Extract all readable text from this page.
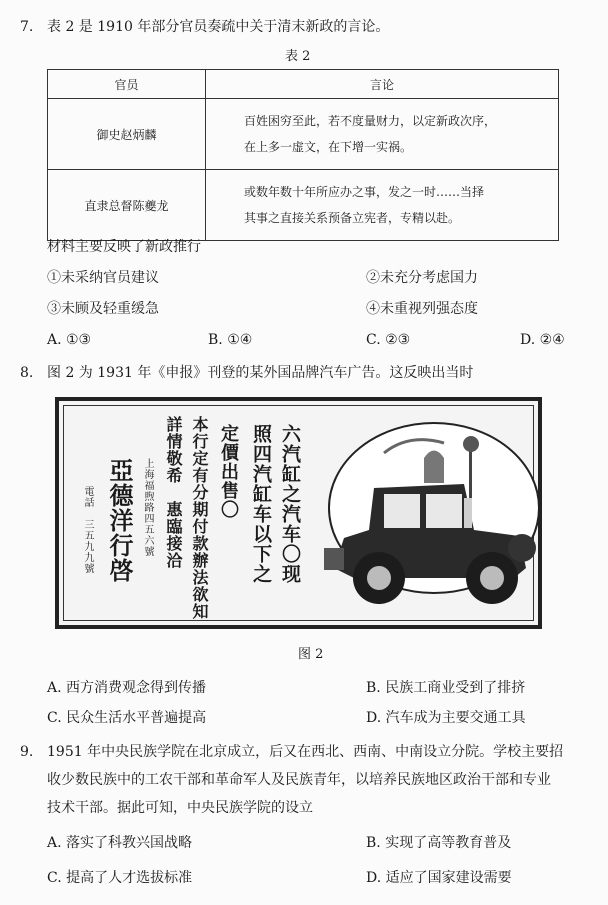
7. 表 2 是 1910 年部分官员奏疏中关于清末新政的言论。
表 2
官员	言论
御史赵炳麟	百姓困穷至此，若不度量财力，以定新政次序，
在上多一虚文，在下增一实祸。

直隶总督陈夔龙	或数年数十年所应办之事，发之一时……当择
其事之直接关系预备立宪者，专精以赴。
材料主要反映了新政推行
①未采纳官员建议	②未充分考虑国力
③未顾及轻重缓急	④未重视列强态度
A. ①③	B. ①④	C. ②③	D. ②④
8. 图 2 为 1931 年《申报》刊登的某外国品牌汽车广告。这反映出当时
六汽缸之汽车〇现
照四汽缸车以下之
定價出售〇
本行定有分期付款辦法欲知
詳情敬希　惠臨接洽
上海福煦路四五六號
亞德洋行啓
電話　三五九九號
图 2
A. 西方消费观念得到传播	B. 民族工商业受到了排挤
C. 民众生活水平普遍提高	D. 汽车成为主要交通工具
9. 1951 年中央民族学院在北京成立，后又在西北、西南、中南设立分院。学校主要招
收少数民族中的工农干部和革命军人及民族青年，以培养民族地区政治干部和专业
技术干部。据此可知，中央民族学院的设立
A. 落实了科教兴国战略	B. 实现了高等教育普及
C. 提高了人才选拔标准	D. 适应了国家建设需要
